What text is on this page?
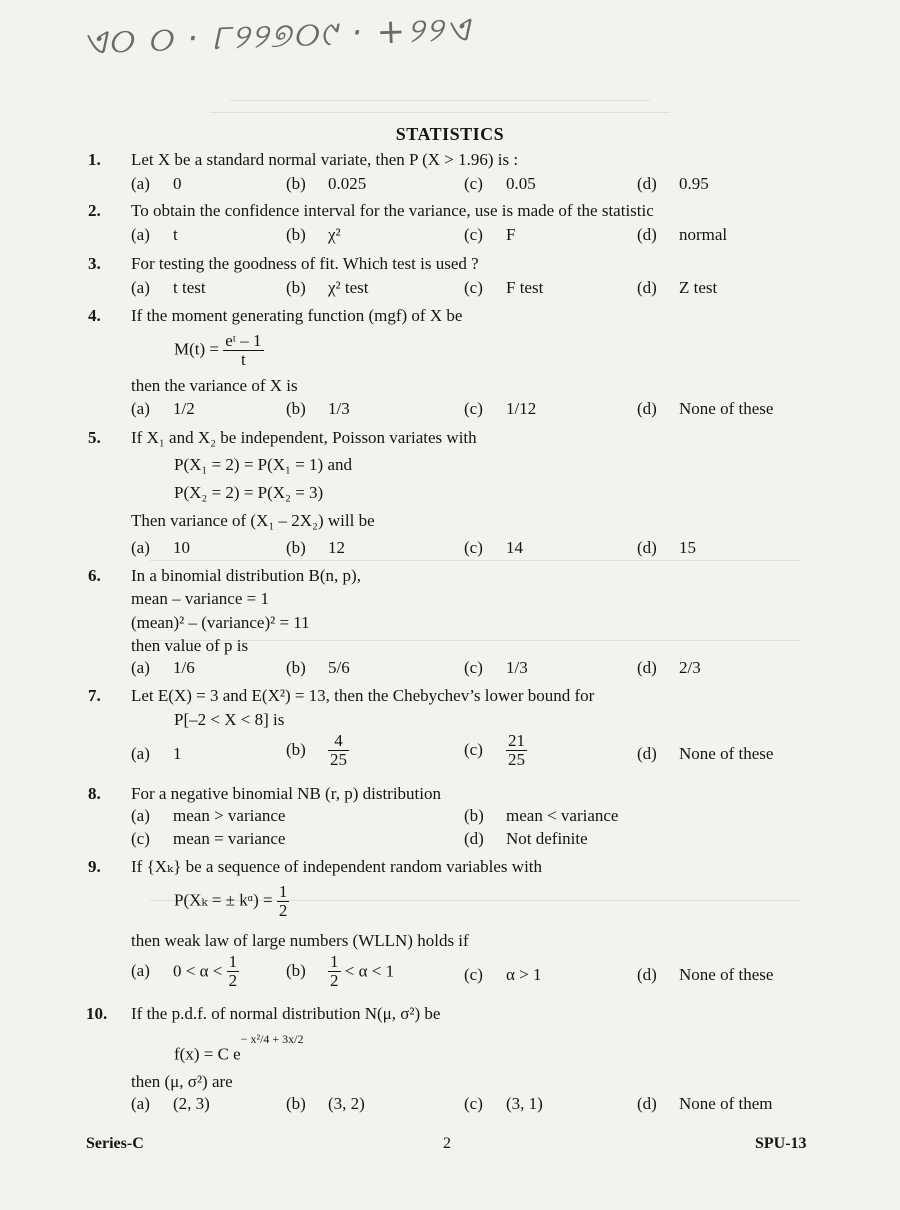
ଏ୦ ୦ · ୮୨୨୭୦୯ · +୨୨ଏ
STATISTICS
1. Let X be a standard normal variate, then P (X > 1.96) is :
(a) 0	(b) 0.025	(c) 0.05	(d) 0.95
2. To obtain the confidence interval for the variance, use is made of the statistic
(a) t	(b) χ²	(c) F	(d) normal
3. For testing the goodness of fit. Which test is used ?
(a) t test	(b) χ² test	(c) F test	(d) Z test
4. If the moment generating function (mgf) of X be
$M(t) = \frac{\text{eᵗ – 1}}{t}$
then the variance of X is
(a) 1/2	(b) 1/3	(c) 1/12	(d) None of these
5. If X₁ and X₂ be independent, Poisson variates with
P(X₁ = 2) = P(X₁ = 1) and
P(X₂ = 2) = P(X₂ = 3)
Then variance of (X₁ – 2X₂) will be
(a) 10	(b) 12	(c) 14	(d) 15
6. In a binomial distribution B(n, p),
mean – variance = 1
(mean)² – (variance)² = 11
then value of p is
(a) 1/6	(b) 5/6	(c) 1/3	(d) 2/3
7. Let E(X) = 3 and E(X²) = 13, then the Chebychev’s lower bound for
P[–2 < X < 8] is
(a) 1	$(b) \frac{4}{25}$	$(c) \frac{21}{25}$	(d) None of these
8. For a negative binomial NB (r, p) distribution
(a) mean > variance	(b) mean < variance
(c) mean = variance	(d) Not definite
9. If {Xₖ} be a sequence of independent random variables with
P(Xₖ = ± kᵅ) = $\frac{1}{2}$
then weak law of large numbers (WLLN) holds if
(a) $0 < \alpha < \frac{1}{2}$	$(b) \frac{1}{2} < \alpha < 1$	(c) α > 1	(d) None of these
10. If the p.d.f. of normal distribution N(μ, σ²) be
f(x) = C $e^{- x^2/4 + 3x/2}$
then (μ, σ²) are
(a) (2, 3)	(b) (3, 2)	(c) (3, 1)	(d) None of them
Series-C	2	SPU-13
